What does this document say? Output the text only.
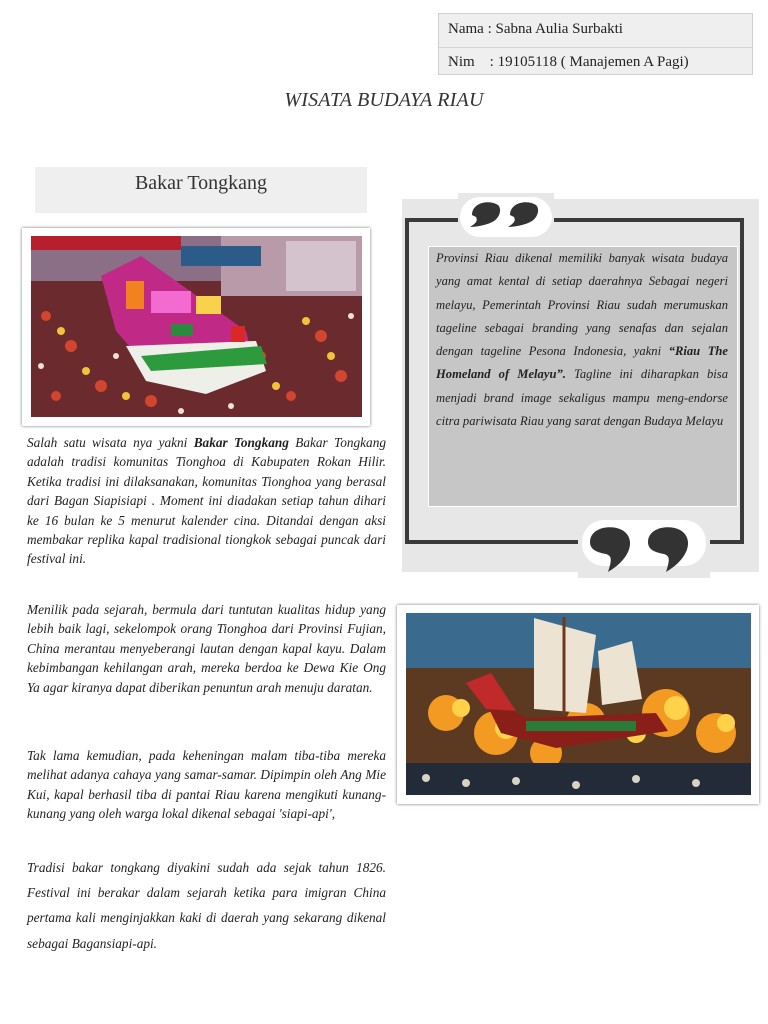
Nama : Sabna Aulia Surbakti
Nim    : 19105118 ( Manajemen A Pagi)
WISATA BUDAYA RIAU
Bakar Tongkang

Salah satu wisata nya yakni Bakar Tongkang Bakar Tongkang adalah tradisi komunitas Tionghoa di Kabupaten Rokan Hilir. Ketika tradisi ini dilaksanakan, komunitas Tionghoa yang berasal dari Bagan Siapisiapi . Moment ini diadakan setiap tahun dihari ke 16 bulan ke 5 menurut kalender cina. Ditandai dengan aksi membakar replika kapal tradisional tiongkok sebagai puncak dari festival ini.

Menilik pada sejarah, bermula dari tuntutan kualitas hidup yang lebih baik lagi, sekelompok orang Tionghoa dari Provinsi Fujian, China merantau menyeberangi lautan dengan kapal kayu. Dalam kebimbangan kehilangan arah, mereka berdoa ke Dewa Kie Ong Ya agar kiranya dapat diberikan penuntun arah menuju daratan.

Tak lama kemudian, pada keheningan malam tiba-tiba mereka melihat adanya cahaya yang samar-samar. Dipimpin oleh Ang Mie Kui, kapal berhasil tiba di pantai Riau karena mengikuti kunang-kunang yang oleh warga lokal dikenal sebagai 'siapi-api',

Tradisi bakar tongkang diyakini sudah ada sejak tahun 1826. Festival ini berakar dalam sejarah ketika para imigran China pertama kali menginjakkan kaki di daerah yang sekarang dikenal sebagai Bagansiapi-api.

Provinsi Riau dikenal memiliki banyak wisata budaya yang amat kental di setiap daerahnya Sebagai negeri melayu, Pemerintah Provinsi Riau sudah merumuskan tageline sebagai branding yang senafas dan sejalan dengan tageline Pesona Indonesia, yakni “Riau The Homeland of Melayu”. Tagline ini diharapkan bisa menjadi brand image sekaligus mampu meng-endorse citra pariwisata Riau yang sarat dengan Budaya Melayu
